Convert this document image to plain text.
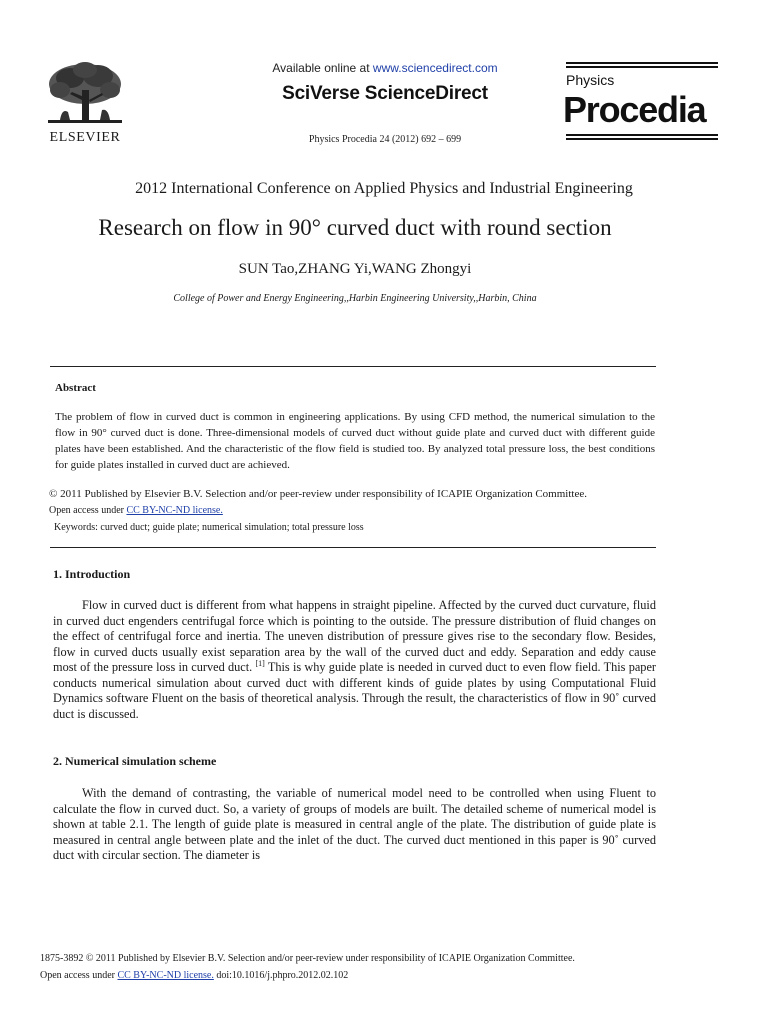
ELSEVIER
Available online at www.sciencedirect.com
SciVerse ScienceDirect
Physics Procedia 24 (2012) 692 – 699
Physics
Procedia
2012 International Conference on Applied Physics and Industrial Engineering
Research on flow in 90° curved duct with round section
SUN Tao,ZHANG Yi,WANG Zhongyi
College of Power and Energy Engineering,,Harbin Engineering University,,Harbin, China
Abstract
The problem of flow in curved duct is common in engineering applications. By using CFD method, the numerical simulation to the flow in 90° curved duct is done. Three-dimensional models of curved duct without guide plate and curved duct with different guide plates have been established. And the characteristic of the flow field is studied too. By analyzed total pressure loss, the best conditions for guide plates installed in curved duct are achieved.
© 2011 Published by Elsevier B.V. Selection and/or peer-review under responsibility of ICAPIE Organization Committee.
Open access under CC BY-NC-ND license.
Keywords: curved duct; guide plate; numerical simulation; total pressure loss
1. Introduction

Flow in curved duct is different from what happens in straight pipeline. Affected by the curved duct curvature, fluid in curved duct engenders centrifugal force which is pointing to the outside. The pressure distribution of fluid changes on the effect of centrifugal force and inertia. The uneven distribution of pressure gives rise to the secondary flow. Besides, flow in curved ducts usually exist separation area by the wall of the curved duct and eddy. Separation and eddy cause most of the pressure loss in curved duct. [1] This is why guide plate is needed in curved duct to even flow field. This paper conducts numerical simulation about curved duct with different kinds of guide plates by using Computational Fluid Dynamics software Fluent on the basis of theoretical analysis. Through the result, the characteristics of flow in 90˚ curved duct is discussed.

2. Numerical simulation scheme

With the demand of contrasting, the variable of numerical model need to be controlled when using Fluent to calculate the flow in curved duct. So, a variety of groups of models are built. The detailed scheme of numerical model is shown at table 2.1. The length of guide plate is measured in central angle of the plate. The distribution of guide plate is measured in central angle between plate and the inlet of the duct. The curved duct mentioned in this paper is 90˚ curved duct with circular section. The diameter is

1875-3892 © 2011 Published by Elsevier B.V. Selection and/or peer-review under responsibility of ICAPIE Organization Committee.
Open access under CC BY-NC-ND license. doi:10.1016/j.phpro.2012.02.102
